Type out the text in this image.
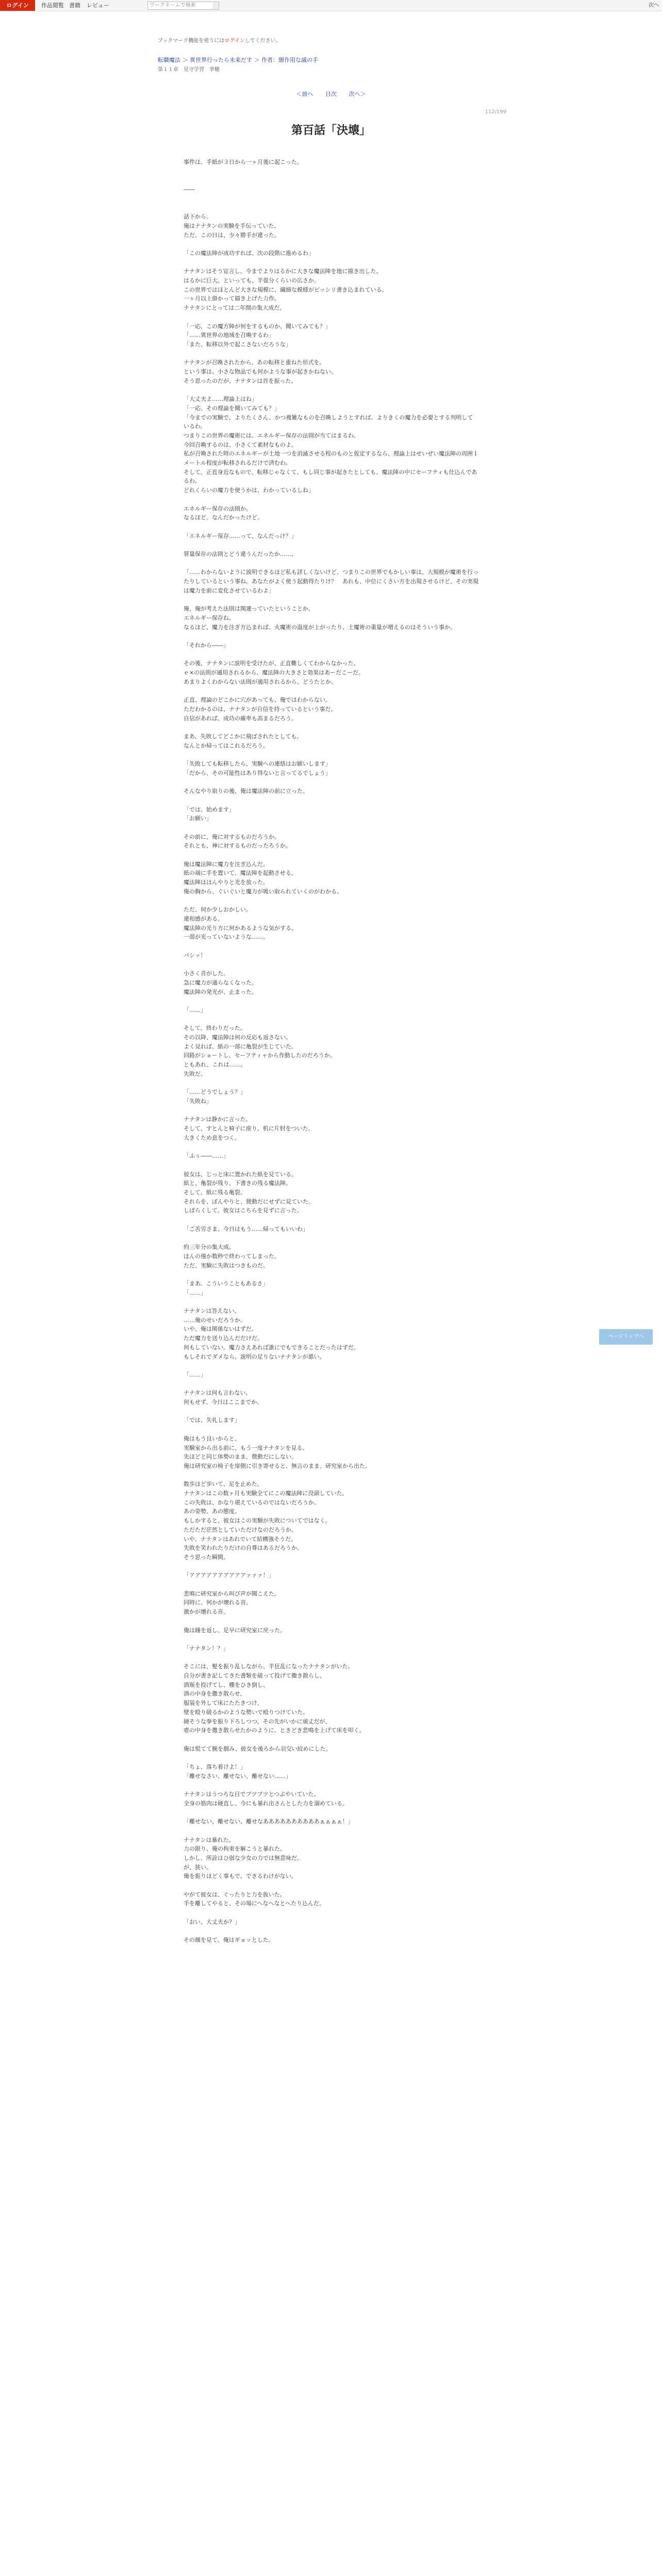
ログイン	作品閲覧 書籍 レビュー	ワークネームで検索	次へ
ブックマーク機能を使うにはログインしてください。
転職魔法 ＞ 異世界行ったら未来だす ＞ 作者：闇作用な滅の手
第１１章　見守学習　挙穂
＜前へ 目次 次へ＞
112/199
第百話「決壊」

事件は、手紙が３日から一ヶ月後に起こった。

――

話下から。

俺はナナタンの実験を手伝っていた。

ただ、この日は、少々勝手が違った。

「この魔法陣が成功すれば、次の段階に進めるわ」

ナナタンはそう宣言し、今までよりはるかに大きな魔法陣を地に描き出した。

はるかに巨大。といっても、半畳分くらいの広さか。

この世界ではほとんど大きな規模に、繊細な模様がビッシリ書き込まれている。

一ヶ月以上掛かって描き上げた力作。

ナナタンにとっては二年間の集大成だ。

「一応、この魔方陣が何をするものか、聞いてみても？」

「……異世界の地域を召喚するわ」

「また、転移以外で起こさないだろうな」

ナナタンが召喚されたから、あの転移と重ねた形式を。

という事は、小さな物品でも何かような事が起きかねない。

そう思ったのだが、ナナタンは首を振った。

「大丈夫よ……理論上はね」

「一応、その理論を聞いてみても？」

「今までの実験で、よりたくさん、かつ複雑なものを召喚しようとすれば、よりきくの魔力を必要とする判明しているわ。

つまりこの世界の魔術には、エネルギー保存の法則が当てはまるわ。

今回召喚するのは、小さくて素材なものよ。

私が召喚された時のエネルギーが土地一つを消滅させる程のものと仮定するなら、理論上はせいぜい魔法陣の周囲１メートル程度が転移されるだけで済むわ。

そして、正直身近なもので、転移じゃなくて、もし同じ事が起きたとしても、魔法陣の中にセーフティも仕込んであるわ。

どれくらいの魔力を使うかは、わかっているしね」

エネルギー保存の法則か。

なるほど。なんだかったけど。

「エネルギー保存……って、なんだっけ？」

質量保存の法則とどう違うんだったか……。

「……わからないように説明できるほど私も詳しくないけど、つまりこの世界でもかしい事は、大規模が魔術を行ったりしているという事ね。あなたがよく使う起動得たりけ？　あれも、中位にくさい方を出現させるけど、その実現は魔力を前に変化させているわよ」

俺、俺が考えた法則は関連っていたということか。

エネルギー保存ね。

なるほど、魔力を注ぎ方込まれば、火魔術の温度が上がったり、土魔術の重量が増えるのはそういう事か。

「それから――」

その後、ナナタンに説明を受けたが、正直難しくてわからなかった。

ｅ×の法則が適用されるから、魔法陣の大きさと効果はあーだこーだ。

あまりよくわからない法則が適用されるから、どうたとか。

正直、理論のどこかに穴があっても、俺ではわからない。

ただわかるのは、ナナタンが自信を持っているという事だ。

自信があれば、成功の確率も高まるだろう。

まあ、失敗してどこかに飛ばされたとしても。

なんとか帰ってはこれるだろう。

「失敗しても転移したら、実験への連絡はお願いします」

「だから、その可能性はあり得ないと言ってるでしょう」

そんなやり取りの後、俺は魔法陣の前に立った。

「では、始めます」

「お願い」

その前に、俺に対するものだろうか。

それとも、神に対するものだったろうか。

俺は魔法陣に魔力を注ぎ込んだ。

紙の端に手を置いて、魔法陣を起動させる。

魔法陣ははんやりと光を放った。

俺の胸から、ぐいぐいと魔力が吸い取られていくのがわかる。

ただ、何か少しおかしい。

違和感がある。

魔法陣の光り方に何かあるような気がする。

一部が光っていないような……。

パシッ！

小さく音がした。

急に魔力が通らなくなった。

魔法陣の発光が、止まった。

「……」

そして、終わりだった。

その以降、魔法陣は何の反応も返さない。

よく見れば、紙の一部に亀裂が生じていた。

回路がショートし、セーフティャから作動したのだろうか。

ともあれ、これは……。

失敗だ。

「……どうでしょう？」

「失敗ね」

ナナタンは静かに言った。

そして、すとんと椅子に座り、机に片肘をついた。

大きくため息をつく。

「ふぅ――……」

彼女は、じっと床に置かれた紙を見ている。

紙と、亀裂が残り、下書きの残る魔法陣。

そして、紙に残る亀裂。

それらを、ぼんやりと、微動だにせずに見ていた。

しばらくして、彼女はこちらを見ずに言った。

「ご苦労さま、今日はもう……帰ってもいいわ」

約三年分の集大成。

ほんの僅か数秒で終わってしまった。

ただ、実験に失敗はつきものだ。

「まあ、こういうこともあるさ」

「……」

ナナタンは答えない。

……俺のせいだろうか。

いや、俺は関係ないはずだ。

ただ魔力を送り込んだだけだ。

何もしていない。魔力さえあれば誰にでもできることだったはずだ。

もしそれでダメなら、説明の足りないナナタンが悪い。

「……」

ナナタンは何も言わない。

何もせず、今日はここまでか。

「では、失礼します」

俺はもう良いからと、

実験室から出る前に、もう一度ナナタンを見る。

先ほどと同じ体勢のまま、微動だにしない。

俺は研究室の椅子を扉側に引き寄せると、無言のまま、研究室から出た。

数歩ほど歩いて、足を止めた。

ナナタンはこの数ヶ月も実験全てにこの魔法陣に没頭していた。

この失敗は、かなり堪えているのではないだろうか。

あの姿勢、あの態度。

もしかすると、彼女はこの実験が失敗についてではなく。

ただただ茫然としていただけなのだろうか。

いや、ナナタンはあれでいて結構強そうだ。

失敗を笑われたりだけの自尊はあるだろうか。

そう思った瞬間。

「アアアアアアアアアアァァァ！」

悲鳴に研究室から叫び声が聞こえた。

同時に、何かが壊れる音。

激かが壊れる音。

俺は踵を返し、足早に研究室に戻った。

「ナナタン！？」

そこには、髪を振り乱しながら、半狂乱になったナナタンがいた。

自分が書き記してきた書類を破って投げて撒き散らし、

酒瓶を投げてし、棚をひき倒し、

酒の中身を撒き散らせ、

服装を外して床にたたきつけ、

壁を殴り破るかのような勢いで殴りつけていた。

硬そうな拳を振り下ろしつつ、その先がいかに頑丈だが、

壺の中身を撒き散らせたかのように、ときどき悲鳴を上げて床を叩く。

俺は慌てて腕を掴み、彼女を後ろから羽交い絞めにした。

「ちょ、落ち着けよ！」

「離せなさい、離せない、離せない……」

ナナタンはうつろな目でブツブツとつぶやいていた。

全身の筋肉は硬直し、今にも暴れ出さんとした力を溜めている。

「離せない、離せない、離せなああああああああああぁぁぁぁ！」

ナナタンは暴れた。

力の限り、俺の拘束を解こうと暴れた。

しかし、所詮はひ弱な少女の力では無意味だ。

が、狭い。

俺を振りほどく事もで、できるわけがない。

やがて彼女は、ぐったりと力を抜いた。

手を離してやると、その場にへなへなとへたり込んだ。

「おい、大丈夫か？」

その顔を見て、俺はギョッとした。

ページトップへ
